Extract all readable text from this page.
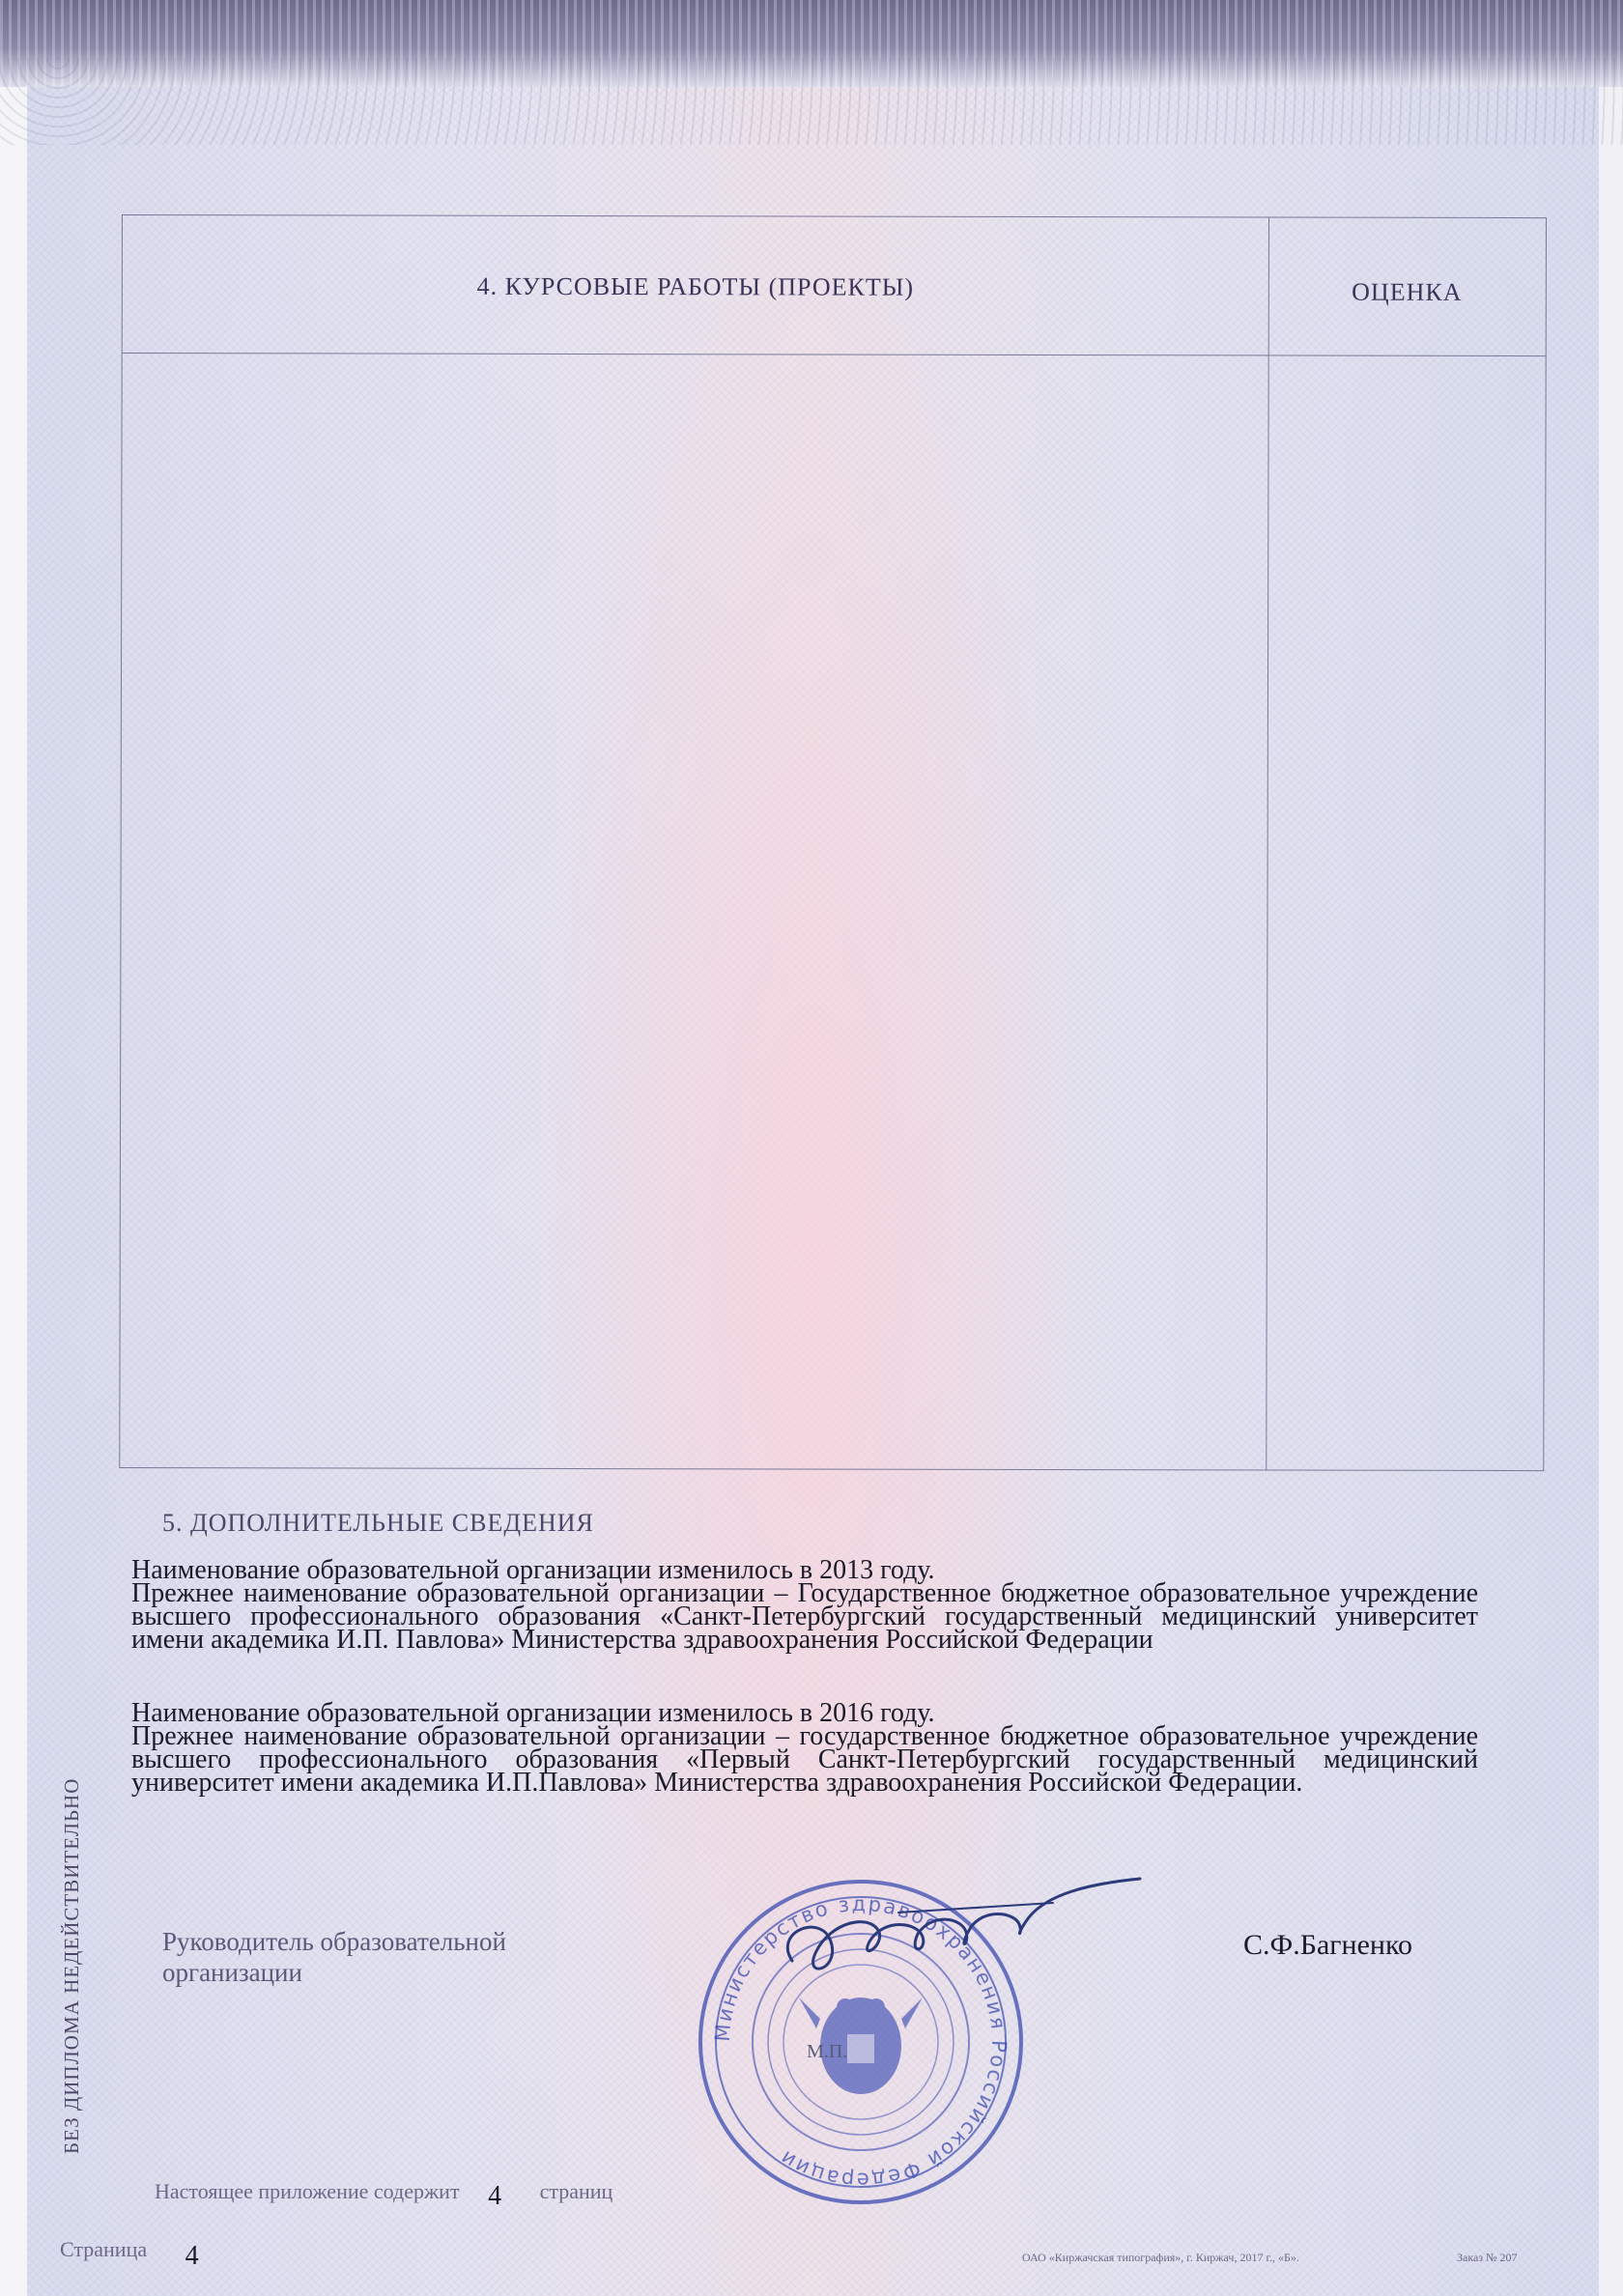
4. КУРСОВЫЕ РАБОТЫ (ПРОЕКТЫ)	ОЦЕНКА
5. ДОПОЛНИТЕЛЬНЫЕ СВЕДЕНИЯ

Наименование образовательной организации изменилось в 2013 году.

Прежнее наименование образовательной организации – Государственное бюджетное образовательное учреждение высшего профессионального образования «Санкт-Петербургский государственный медицинский университет имени академика И.П. Павлова» Министерства здравоохранения Российской Федерации

Наименование образовательной организации изменилось в 2016 году.

Прежнее наименование образовательной организации – государственное бюджетное образовательное учреждение высшего профессионального образования «Первый Санкт-Петербургский государственный медицинский университет имени академика И.П.Павлова» Министерства здравоохранения Российской Федерации.

БЕЗ ДИПЛОМА НЕДЕЙСТВИТЕЛЬНО	Руководитель образовательной организации
Министерство здравоохранения Российской Федерации
М.П.
С.Ф.Багненко
Настоящее приложение содержит 4 страниц
Страница 4	ОАО «Киржачская типография», г. Киржач, 2017 г., «Б».	Заказ № 207
